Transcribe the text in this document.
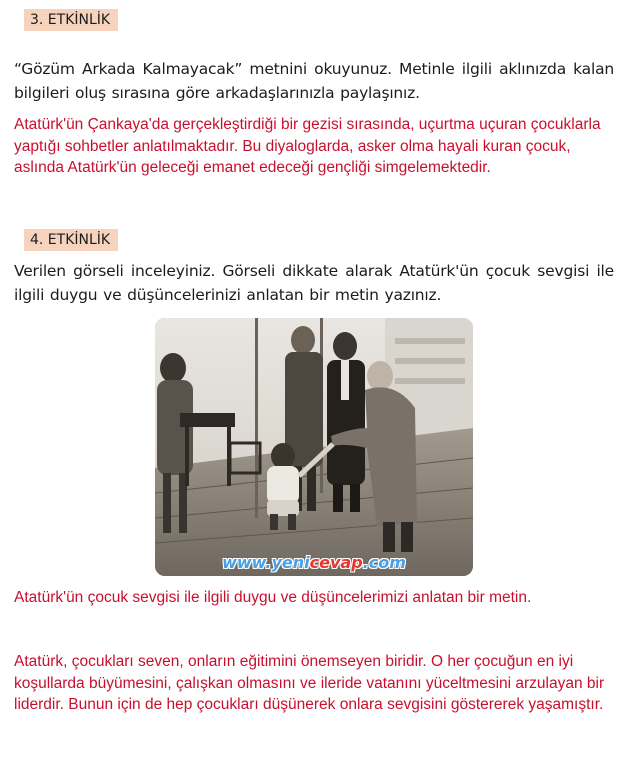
3. ETKİNLİK
“Gözüm Arkada Kalmayacak” metnini okuyunuz. Metinle ilgili aklınızda kalan bilgileri oluş sırasına göre arkadaşlarınızla paylaşınız.

Atatürk'ün Çankaya'da gerçekleştirdiği bir gezisi sırasında, uçurtma uçuran çocuklarla yaptığı sohbetler anlatılmaktadır. Bu diyaloglarda, asker olma hayali kuran çocuk, aslında Atatürk'ün geleceği emanet edeceği gençliği simgelemektedir.

4. ETKİNLİK
Verilen görseli inceleyiniz. Görseli dikkate alarak Atatürk'ün çocuk sevgisi ile ilgili duygu ve düşüncelerinizi anlatan bir metin yazınız.
www.yenicevap.com

Atatürk'ün çocuk sevgisi ile ilgili duygu ve düşüncelerimizi anlatan bir metin.

Atatürk, çocukları seven, onların eğitimini önemseyen biridir. O her çocuğun en iyi koşullarda büyümesini, çalışkan olmasını ve ileride vatanını yüceltmesini arzulayan bir liderdir. Bunun için de hep çocukları düşünerek onlara sevgisini göstererek yaşamıştır.
